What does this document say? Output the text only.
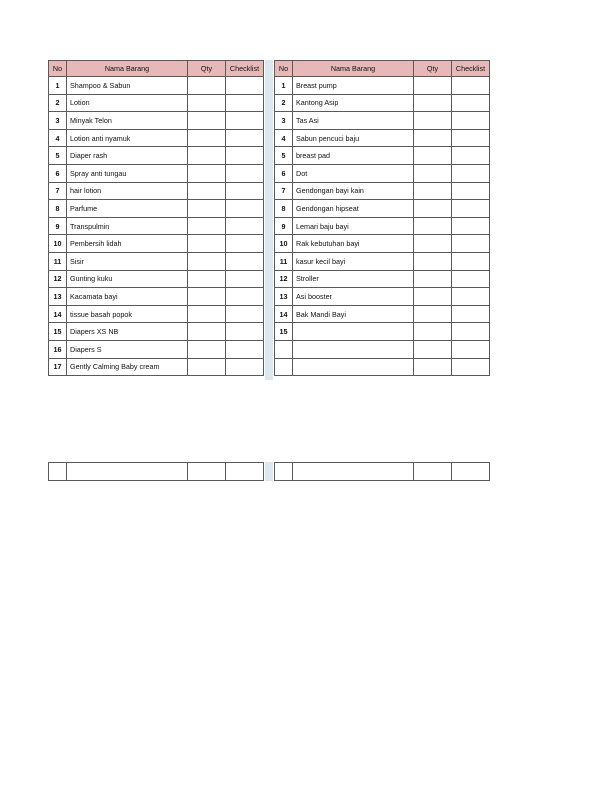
No	Nama Barang	Qty	Checklist
1	Shampoo & Sabun		
2	Lotion		
3	Minyak Telon		
4	Lotion anti nyamuk		
5	Diaper rash		
6	Spray anti tungau		
7	hair lotion		
8	Parfume		
9	Transpulmin		
10	Pembersih lidah		
11	Sisir		
12	Gunting kuku		
13	Kacamata bayi		
14	tissue basah popok		
15	Diapers XS NB		
16	Diapers S		
17	Gently Calming Baby cream		
No	Nama Barang	Qty	Checklist
1	Breast pump		
2	Kantong Asip		
3	Tas Asi		
4	Sabun pencuci baju		
5	breast pad		
6	Dot		
7	Gendongan bayi kain		
8	Gendongan hipseat		
9	Lemari baju bayi		
10	Rak kebutuhan bayi		
11	kasur kecil bayi		
12	Stroller		
13	Asi booster		
14	Bak Mandi Bayi		
15			
